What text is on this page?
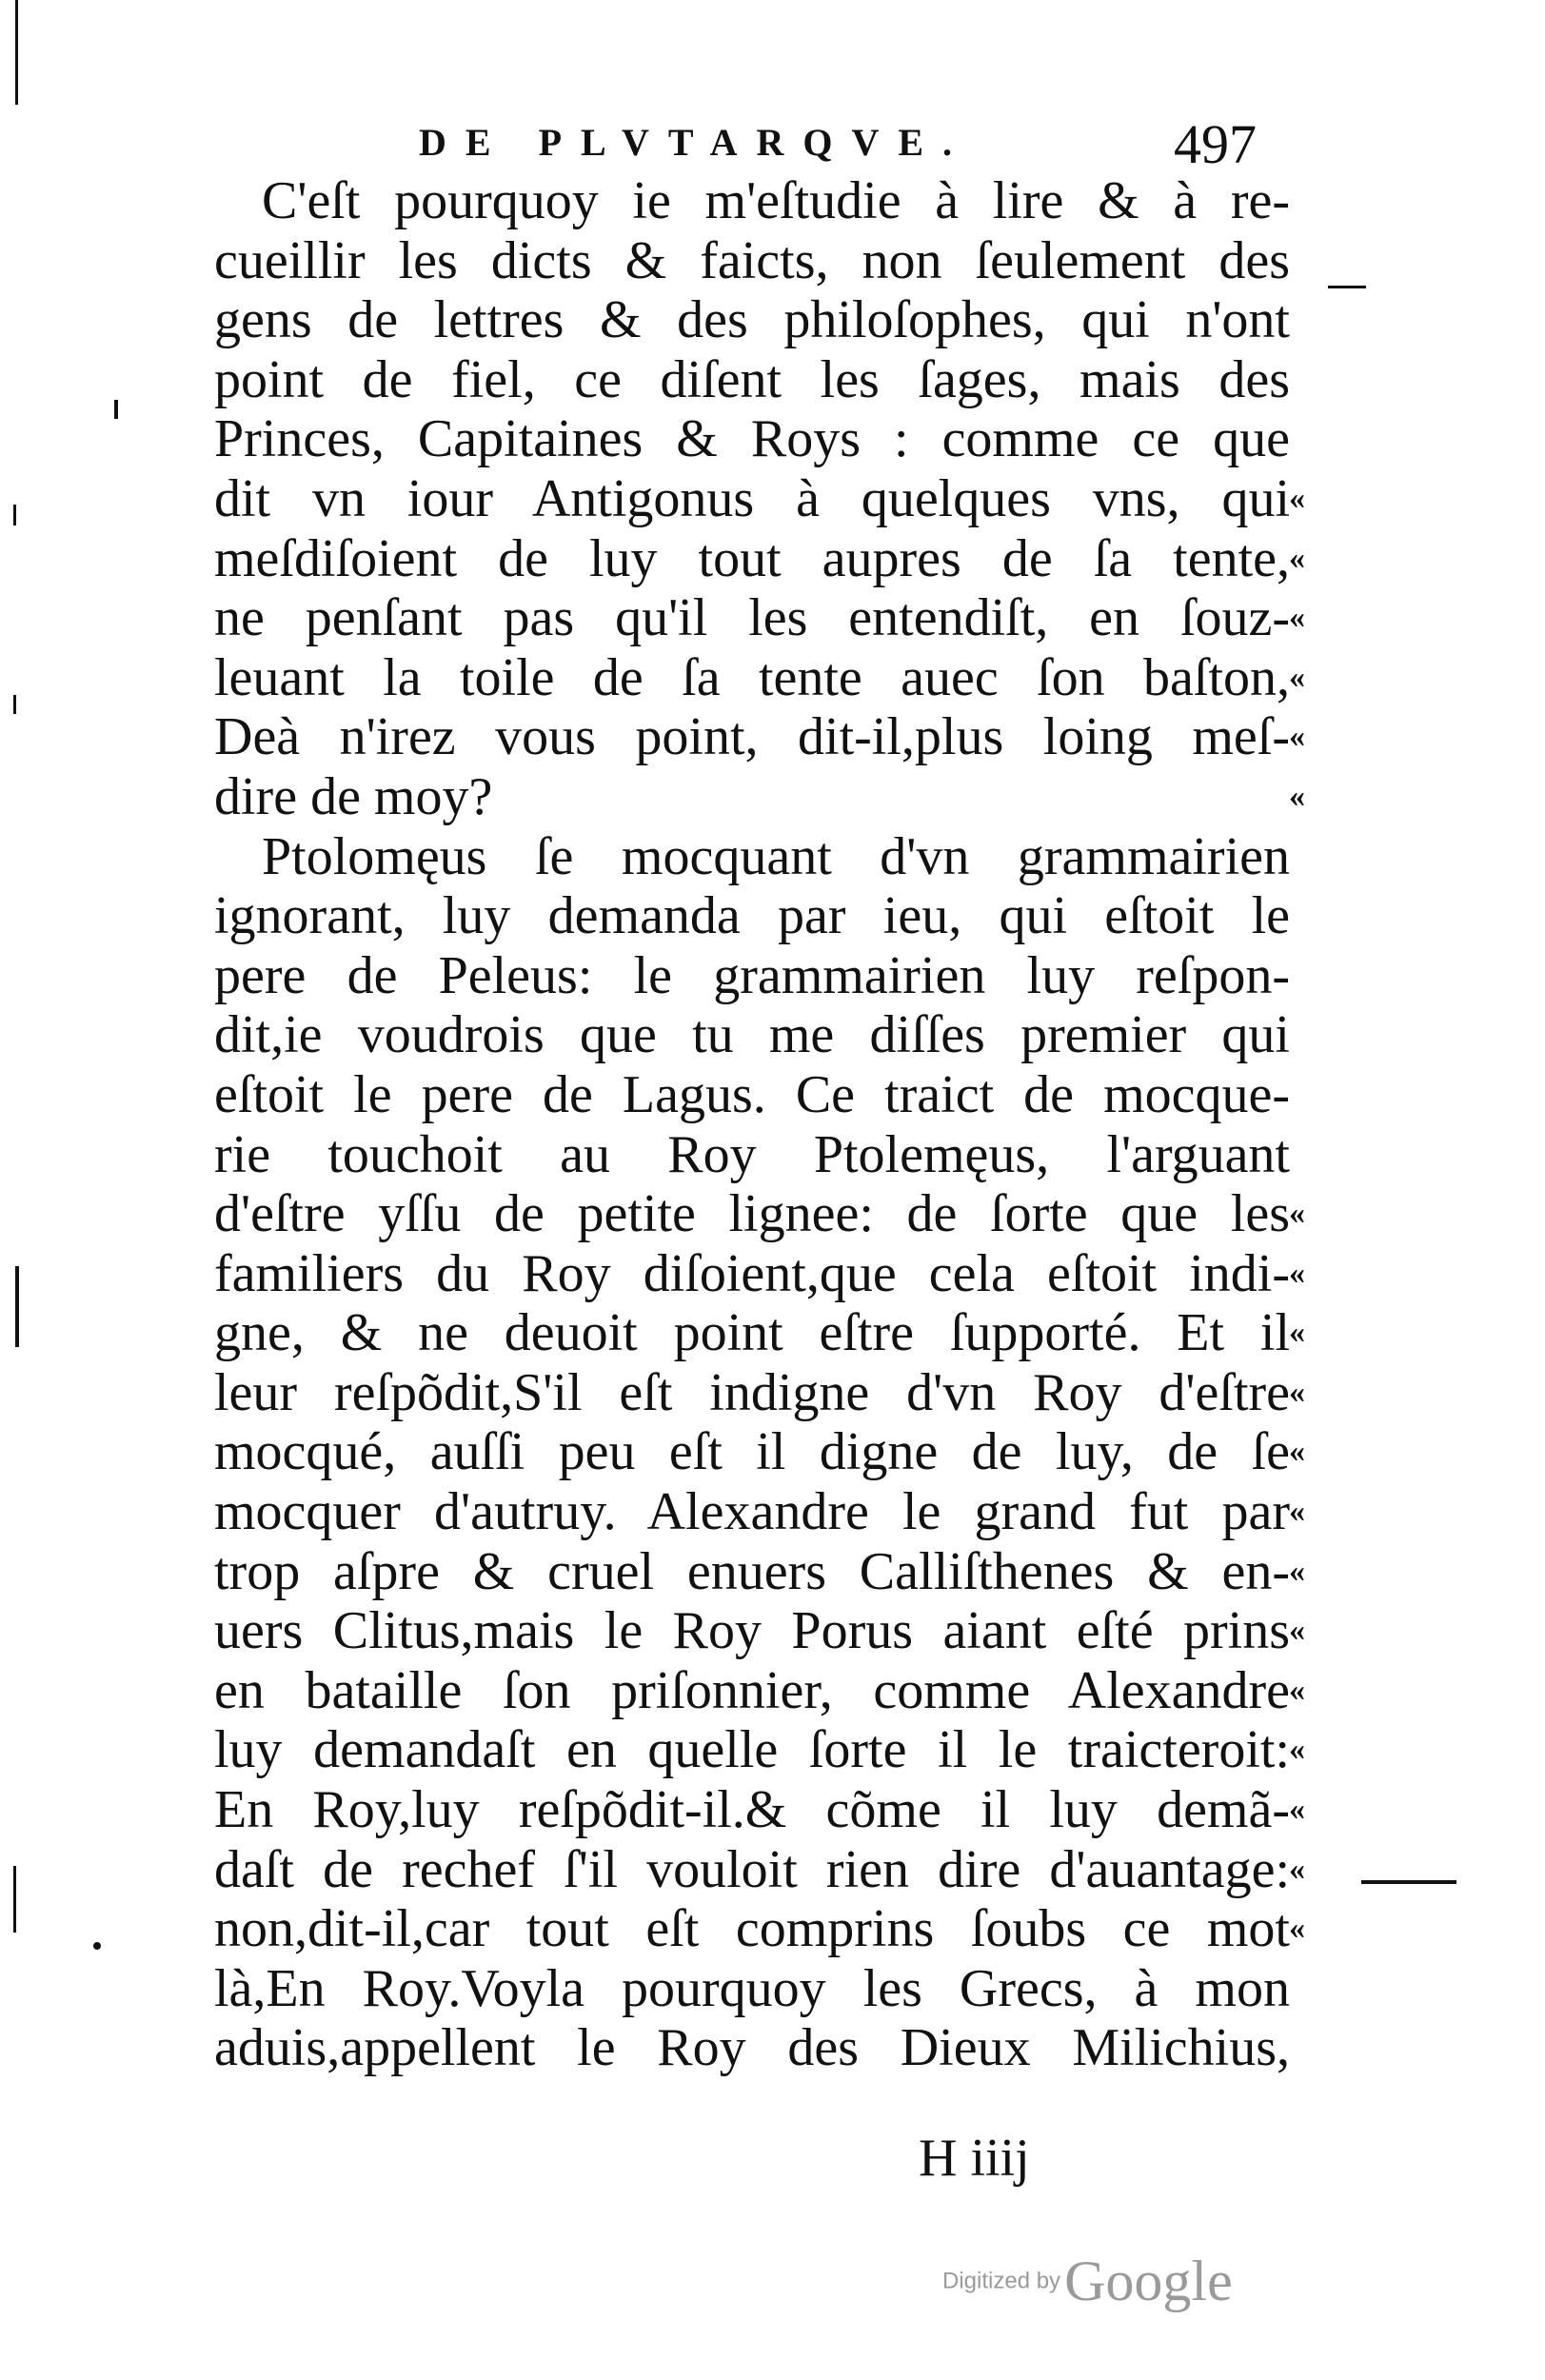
DE PLVTARQVE.	497
C'eſt pourquoy ie m'eſtudie à lire & à re-
cueillir les dicts & faicts, non ſeulement des
gens de lettres & des philoſophes, qui n'ont
point de fiel, ce diſent les ſages, mais des
Princes, Capitaines & Roys : comme ce que
dit vn iour Antigonus à quelques vns, qui «
meſdiſoient de luy tout aupres de ſa tente, «
ne penſant pas qu'il les entendiſt, en ſouz- «
leuant la toile de ſa tente auec ſon baſton, «
Deà n'irez vous point, dit-il,plus loing meſ- «
dire de moy?	«
Ptolomęus ſe mocquant d'vn grammairien
ignorant, luy demanda par ieu, qui eſtoit le
pere de Peleus: le grammairien luy reſpon-
dit,ie voudrois que tu me diſſes premier qui
eſtoit le pere de Lagus. Ce traict de mocque-
rie touchoit au Roy Ptolemęus, l'arguant
d'eſtre yſſu de petite lignee: de ſorte que les «
familiers du Roy diſoient,que cela eſtoit indi- «
gne, & ne deuoit point eſtre ſupporté. Et il «
leur reſpõdit,S'il eſt indigne d'vn Roy d'eſtre «
mocqué, auſſi peu eſt il digne de luy, de ſe «
mocquer d'autruy. Alexandre le grand fut par «
trop aſpre & cruel enuers Calliſthenes & en- «
uers Clitus,mais le Roy Porus aiant eſté prins «
en bataille ſon priſonnier, comme Alexandre «
luy demandaſt en quelle ſorte il le traicteroit: «
En Roy,luy reſpõdit-il.& cõme il luy demã- «
daſt de rechef ſ'il vouloit rien dire d'auantage: «
non,dit-il,car tout eſt comprins ſoubs ce mot «
là,En Roy.Voyla pourquoy les Grecs, à mon
aduis,appellent le Roy des Dieux Milichius,
H iiij
Digitized by Google
